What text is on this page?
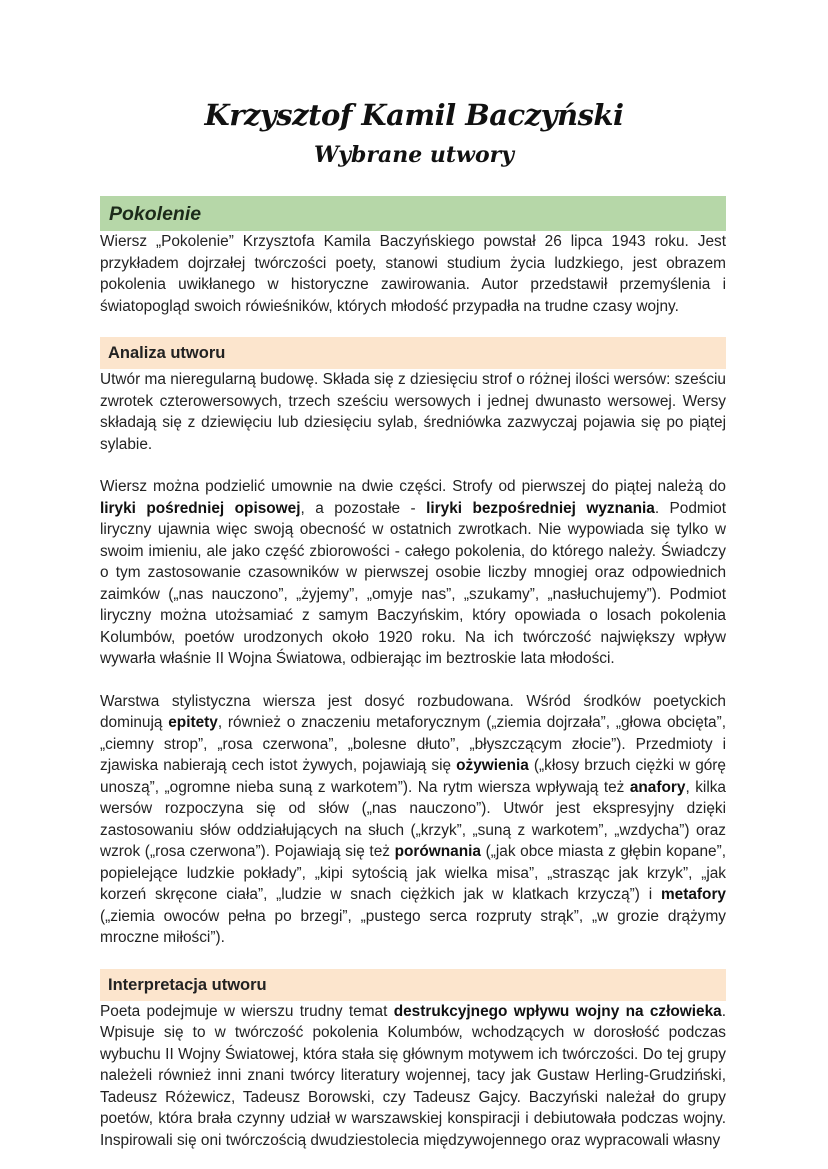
Krzysztof Kamil Baczyński
Wybrane utwory
Pokolenie

Wiersz „Pokolenie” Krzysztofa Kamila Baczyńskiego powstał 26 lipca 1943 roku. Jest przykładem dojrzałej twórczości poety, stanowi studium życia ludzkiego, jest obrazem pokolenia uwikłanego w historyczne zawirowania. Autor przedstawił przemyślenia i światopogląd swoich rówieśników, których młodość przypadła na trudne czasy wojny.

Analiza utworu

Utwór ma nieregularną budowę. Składa się z dziesięciu strof o różnej ilości wersów: sześciu zwrotek czterowersowych, trzech sześciu wersowych i jednej dwunasto wersowej. Wersy składają się z dziewięciu lub dziesięciu sylab, średniówka zazwyczaj pojawia się po piątej sylabie.

Wiersz można podzielić umownie na dwie części. Strofy od pierwszej do piątej należą do liryki pośredniej opisowej, a pozostałe - liryki bezpośredniej wyznania. Podmiot liryczny ujawnia więc swoją obecność w ostatnich zwrotkach. Nie wypowiada się tylko w swoim imieniu, ale jako część zbiorowości - całego pokolenia, do którego należy. Świadczy o tym zastosowanie czasowników w pierwszej osobie liczby mnogiej oraz odpowiednich zaimków („nas nauczono”, „żyjemy”, „omyje nas”, „szukamy”, „nasłuchujemy”). Podmiot liryczny można utożsamiać z samym Baczyńskim, który opowiada o losach pokolenia Kolumbów, poetów urodzonych około 1920 roku. Na ich twórczość największy wpływ wywarła właśnie II Wojna Światowa, odbierając im beztroskie lata młodości.

Warstwa stylistyczna wiersza jest dosyć rozbudowana. Wśród środków poetyckich dominują epitety, również o znaczeniu metaforycznym („ziemia dojrzała”, „głowa obcięta”, „ciemny strop”, „rosa czerwona”, „bolesne dłuto”, „błyszczącym złocie”). Przedmioty i zjawiska nabierają cech istot żywych, pojawiają się ożywienia („kłosy brzuch ciężki w górę unoszą”, „ogromne nieba suną z warkotem”). Na rytm wiersza wpływają też anafory, kilka wersów rozpoczyna się od słów („nas nauczono”). Utwór jest ekspresyjny dzięki zastosowaniu słów oddziałujących na słuch („krzyk”, „suną z warkotem”, „wzdycha”) oraz wzrok („rosa czerwona”). Pojawiają się też porównania („jak obce miasta z głębin kopane”, popielejące ludzkie pokłady”, „kipi sytością jak wielka misa”, „strasząc jak krzyk”, „jak korzeń skręcone ciała”, „ludzie w snach ciężkich jak w klatkach krzyczą”) i metafory („ziemia owoców pełna po brzegi”, „pustego serca rozpruty strąk”, „w grozie drążymy mroczne miłości”).

Interpretacja utworu

Poeta podejmuje w wierszu trudny temat destrukcyjnego wpływu wojny na człowieka. Wpisuje się to w twórczość pokolenia Kolumbów, wchodzących w dorosłość podczas wybuchu II Wojny Światowej, która stała się głównym motywem ich twórczości. Do tej grupy należeli również inni znani twórcy literatury wojennej, tacy jak Gustaw Herling-Grudziński, Tadeusz Różewicz, Tadeusz Borowski, czy Tadeusz Gajcy. Baczyński należał do grupy poetów, która brała czynny udział w warszawskiej konspiracji i debiutowała podczas wojny. Inspirowali się oni twórczością dwudziestolecia międzywojennego oraz wypracowali własny
